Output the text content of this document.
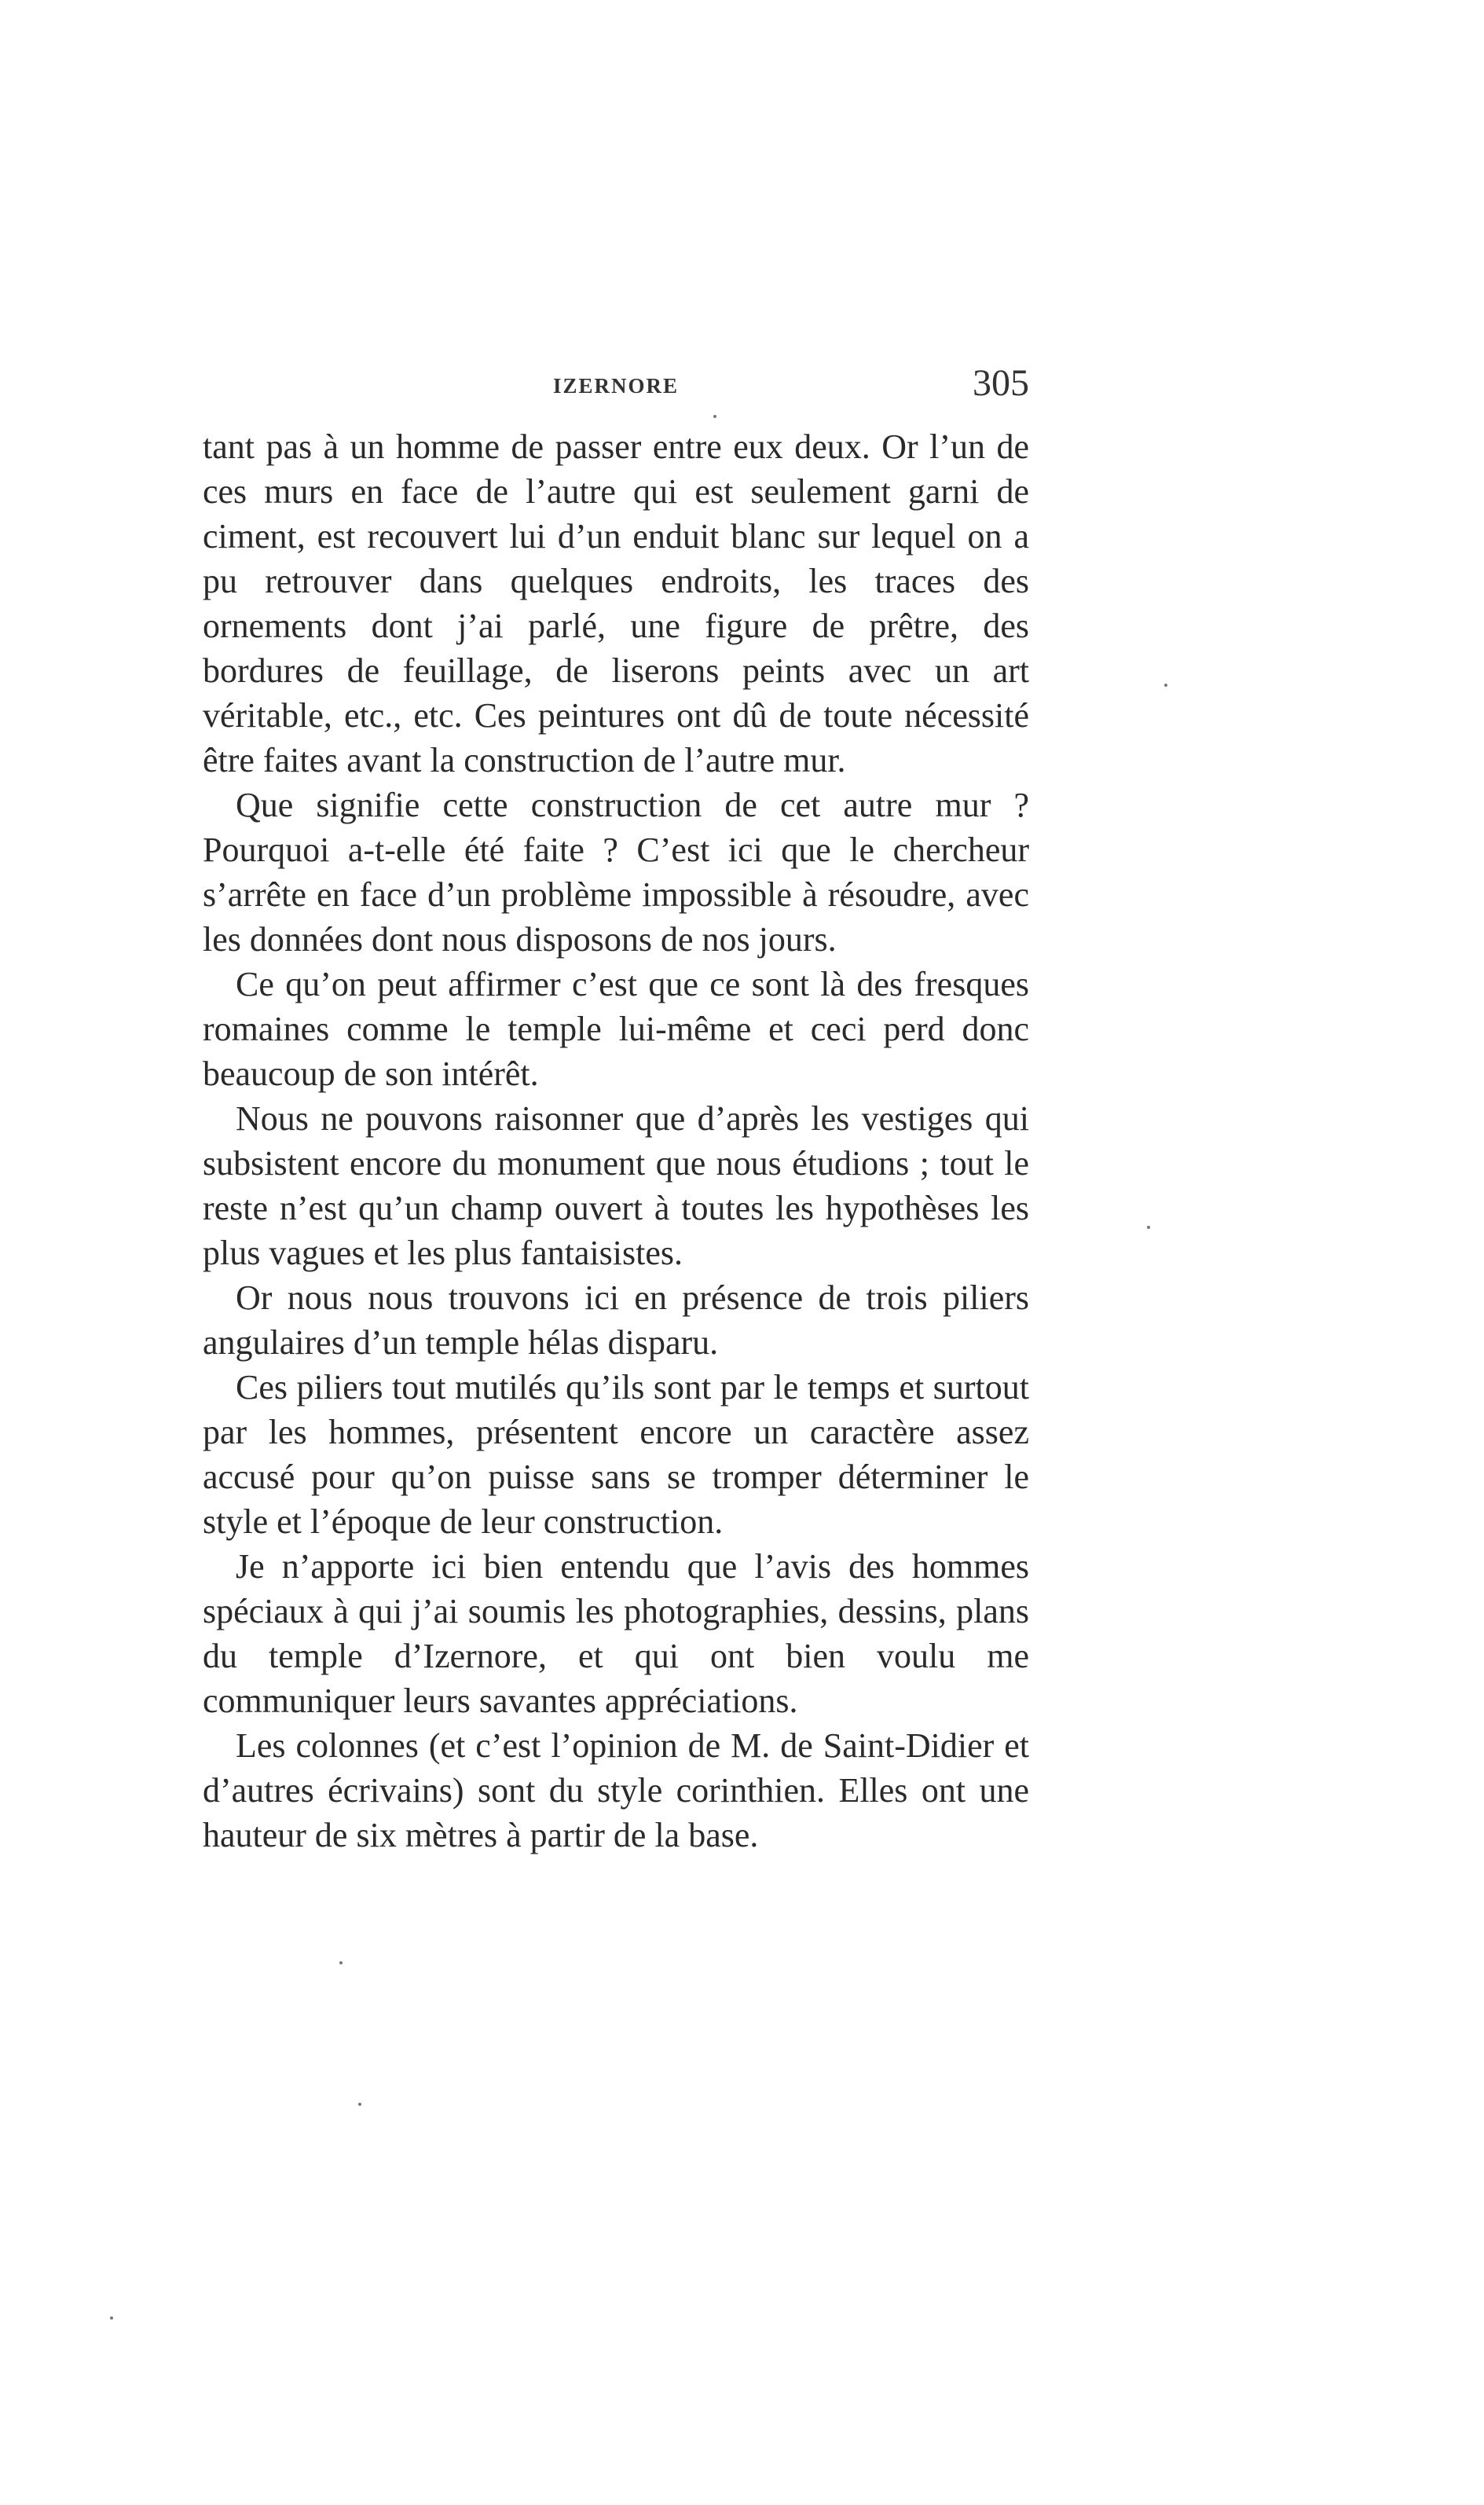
IZERNORE	305

tant pas à un homme de passer entre eux deux. Or l’un de ces murs en face de l’autre qui est seulement garni de ciment, est recouvert lui d’un enduit blanc sur lequel on a pu retrouver dans quelques endroits, les traces des ornements dont j’ai parlé, une figure de prêtre, des bordures de feuillage, de liserons peints avec un art véritable, etc., etc. Ces peintures ont dû de toute nécessité être faites avant la construction de l’autre mur.

Que signifie cette construction de cet autre mur ? Pourquoi a-t-elle été faite ? C’est ici que le chercheur s’arrête en face d’un problème impossible à résoudre, avec les données dont nous disposons de nos jours.

Ce qu’on peut affirmer c’est que ce sont là des fresques romaines comme le temple lui-même et ceci perd donc beaucoup de son intérêt.

Nous ne pouvons raisonner que d’après les vestiges qui subsistent encore du monument que nous étudions ; tout le reste n’est qu’un champ ouvert à toutes les hypothèses les plus vagues et les plus fantaisistes.

Or nous nous trouvons ici en présence de trois piliers angulaires d’un temple hélas disparu.

Ces piliers tout mutilés qu’ils sont par le temps et surtout par les hommes, présentent encore un caractère assez accusé pour qu’on puisse sans se tromper déterminer le style et l’époque de leur construction.

Je n’apporte ici bien entendu que l’avis des hommes spéciaux à qui j’ai soumis les photographies, dessins, plans du temple d’Izernore, et qui ont bien voulu me communiquer leurs savantes appréciations.

Les colonnes (et c’est l’opinion de M. de Saint-Didier et d’autres écrivains) sont du style corinthien. Elles ont une hauteur de six mètres à partir de la base.
